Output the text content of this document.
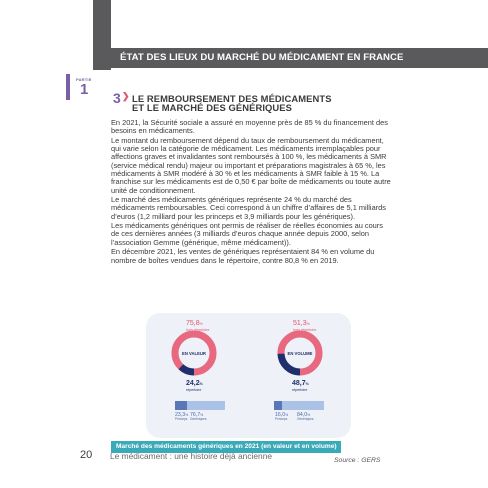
ÉTAT DES LIEUX DU MARCHÉ DU MÉDICAMENT EN FRANCE
PARTIE
1 3 ❯ LE REMBOURSEMENT DES MÉDICAMENTS
ET LE MARCHÉ DES GÉNÉRIQUES

En 2021, la Sécurité sociale a assuré en moyenne près de 85 % du financement des besoins en médicaments.

Le montant du remboursement dépend du taux de remboursement du médicament, qui varie selon la catégorie de médicament. Les médicaments irremplaçables pour affections graves et invalidantes sont remboursés à 100 %, les médicaments à SMR (service médical rendu) majeur ou important et préparations magistrales à 65 %, les médicaments à SMR modéré à 30 % et les médicaments à SMR faible à 15 %. La franchise sur les médicaments est de 0,50 € par boîte de médicaments ou toute autre unité de conditionnement.

Le marché des médicaments génériques représente 24 % du marché des médicaments remboursables. Ceci correspond à un chiffre d’affaires de 5,1 milliards d’euros (1,2 milliard pour les princeps et 3,9 milliards pour les génériques).

Les médicaments génériques ont permis de réaliser de réelles économies au cours de ces dernières années (3 milliards d’euros chaque année depuis 2000, selon l’association Gemme (générique, même médicament)).

En décembre 2021, les ventes de génériques représentaient 84 % en volume du nombre de boîtes vendues dans le répertoire, contre 80,8 % en 2019.

75,8%
hors répertoire
EN VALEUR
24,2%
répertoire
23,3%
Princeps
76,7%
Génériques
51,3%
hors répertoire
EN VOLUME
48,7%
répertoire
16,0%
Princeps
84,0%
Génériques
Marché des médicaments génériques en 2021 (en valeur et en volume)
Source : GERS
20 Le médicament : une histoire déjà ancienne
